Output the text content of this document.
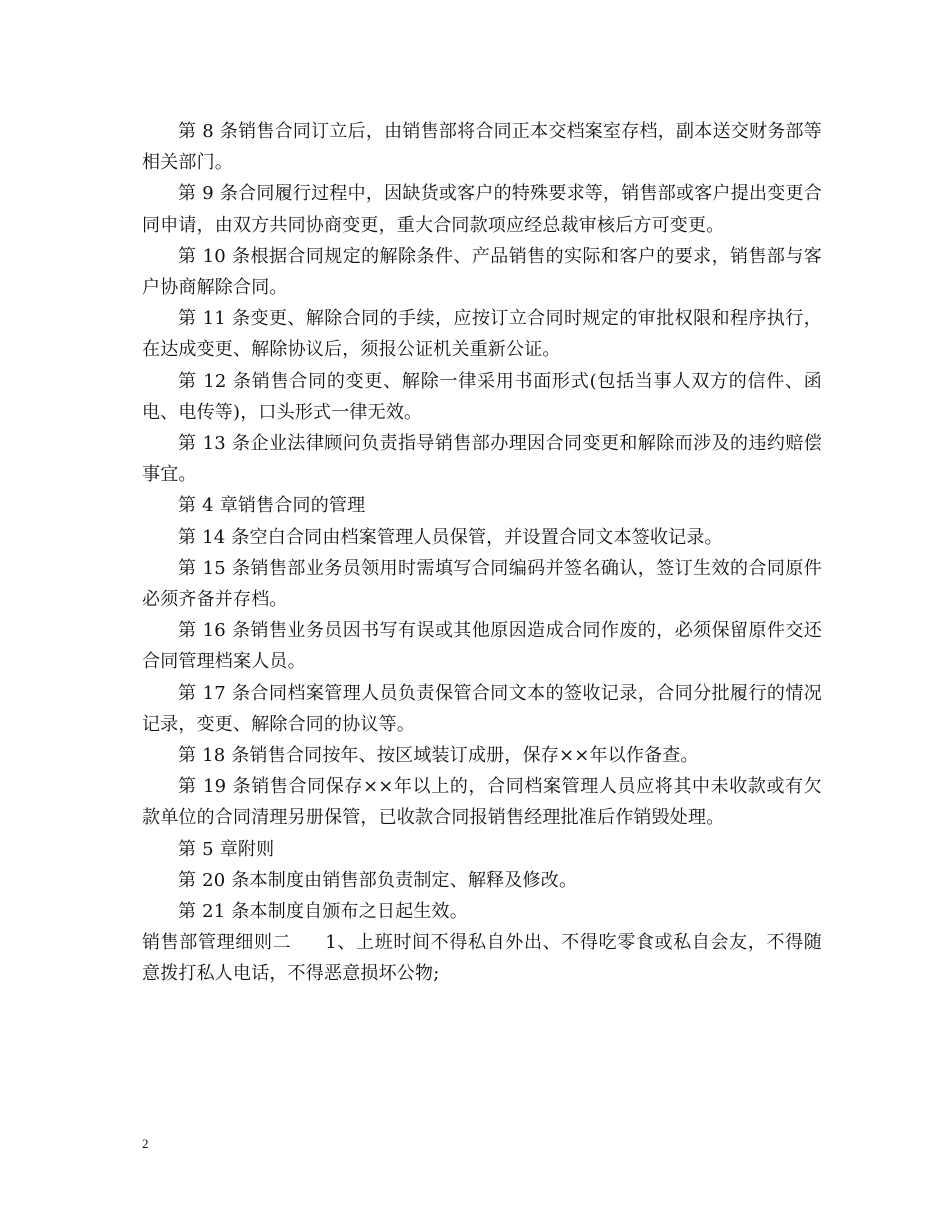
第 8 条销售合同订立后，由销售部将合同正本交档案室存档，副本送交财务部等相关部门。

第 9 条合同履行过程中，因缺货或客户的特殊要求等，销售部或客户提出变更合同申请，由双方共同协商变更，重大合同款项应经总裁审核后方可变更。

第 10 条根据合同规定的解除条件、产品销售的实际和客户的要求，销售部与客户协商解除合同。

第 11 条变更、解除合同的手续，应按订立合同时规定的审批权限和程序执行，在达成变更、解除协议后，须报公证机关重新公证。

第 12 条销售合同的变更、解除一律采用书面形式(包括当事人双方的信件、函电、电传等)，口头形式一律无效。

第 13 条企业法律顾问负责指导销售部办理因合同变更和解除而涉及的违约赔偿事宜。

第 4 章销售合同的管理

第 14 条空白合同由档案管理人员保管，并设置合同文本签收记录。

第 15 条销售部业务员领用时需填写合同编码并签名确认，签订生效的合同原件必须齐备并存档。

第 16 条销售业务员因书写有误或其他原因造成合同作废的，必须保留原件交还合同管理档案人员。

第 17 条合同档案管理人员负责保管合同文本的签收记录，合同分批履行的情况记录，变更、解除合同的协议等。

第 18 条销售合同按年、按区域装订成册，保存××年以作备查。

第 19 条销售合同保存××年以上的，合同档案管理人员应将其中未收款或有欠款单位的合同清理另册保管，已收款合同报销售经理批准后作销毁处理。

第 5 章附则

第 20 条本制度由销售部负责制定、解释及修改。

第 21 条本制度自颁布之日起生效。

销售部管理细则二 1、上班时间不得私自外出、不得吃零食或私自会友，不得随意拨打私人电话，不得恶意损坏公物;

2
